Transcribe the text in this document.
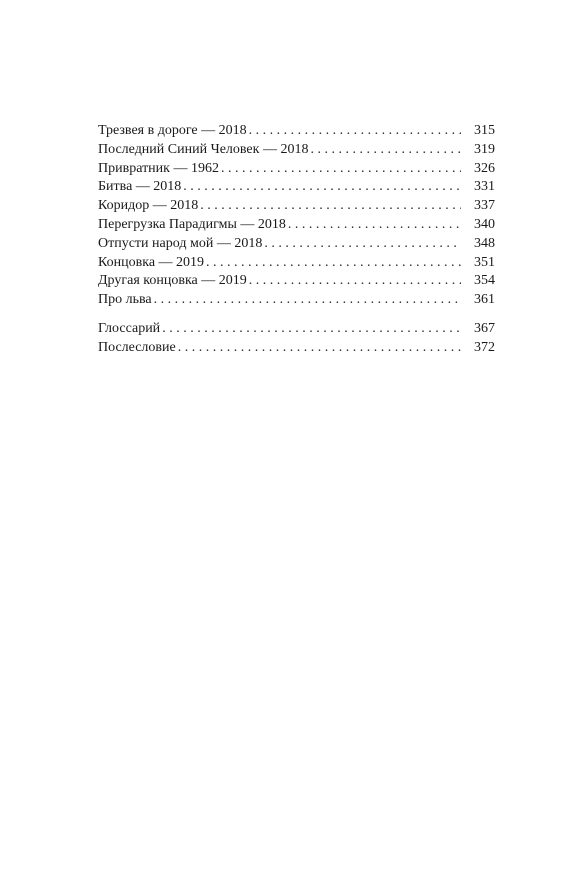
Трезвея в дороге — 2018 . . .	315
Последний Синий Человек — 2018 . . .	319
Привратник — 1962 . . .	326
Битва — 2018 . . .	331
Коридор — 2018 . . .	337
Перегрузка Парадигмы — 2018 . . .	340
Отпусти народ мой — 2018 . . .	348
Концовка — 2019 . . .	351
Другая концовка — 2019 . . .	354
Про льва . . .	361
Глоссарий . . .	367
Послесловие . . .	372
